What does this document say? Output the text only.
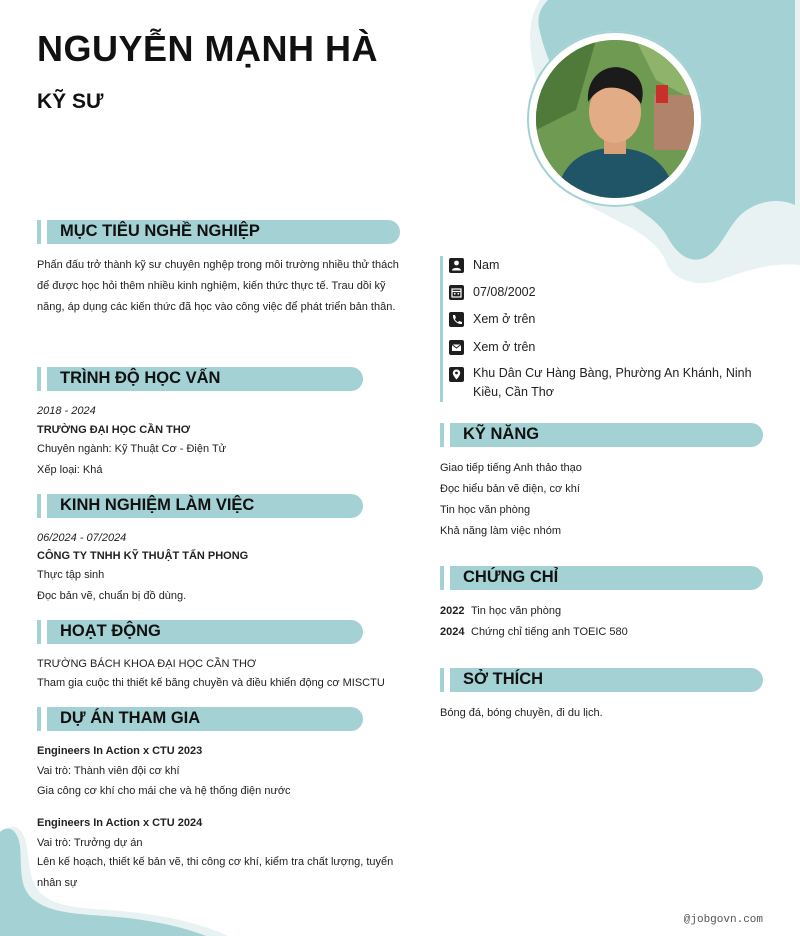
NGUYỄN MẠNH HÀ
KỸ SƯ
MỤC TIÊU NGHỀ NGHIỆP
Phấn đấu trở thành kỹ sư chuyên nghệp trong môi trường nhiều thử thách để được học hỏi thêm nhiều kinh nghiệm, kiến thức thực tế. Trau dồi kỹ năng, áp dụng các kiến thức đã học vào công việc để phát triển bản thân.
TRÌNH ĐỘ HỌC VẤN
2018 - 2024
TRƯỜNG ĐẠI HỌC CẦN THƠ
Chuyên ngành: Kỹ Thuật Cơ - Điện Tử
Xếp loại: Khá
KINH NGHIỆM LÀM VIỆC
06/2024 - 07/2024
CÔNG TY TNHH KỸ THUẬT TẤN PHONG
Thực tập sinh
Đọc bản vẽ, chuẩn bị đồ dùng.
HOẠT ĐỘNG
TRƯỜNG BÁCH KHOA ĐẠI HỌC CẦN THƠ
Tham gia cuộc thi thiết kế băng chuyền và điều khiển động cơ MISCTU
DỰ ÁN THAM GIA
Engineers In Action x CTU 2023
Vai trò: Thành viên đội cơ khí
Gia công cơ khí cho mái che và hệ thống điện nước
Engineers In Action x CTU 2024
Vai trò: Trưởng dự án
Lên kế hoạch, thiết kế bản vẽ, thi công cơ khí, kiểm tra chất lượng, tuyển nhân sự
Nam
07/08/2002
Xem ở trên
Xem ở trên
Khu Dân Cư Hàng Bàng, Phường An Khánh, Ninh Kiều, Cần Thơ
KỸ NĂNG
Giao tiếp tiếng Anh thảo thạo
Đọc hiểu bản vẽ điện, cơ khí
Tin học văn phòng
Khả năng làm việc nhóm
CHỨNG CHỈ
2022 Tin học văn phòng
2024 Chứng chỉ tiếng anh TOEIC 580
SỞ THÍCH
Bóng đá, bóng chuyền, đi du lịch.
@jobgovn.com
